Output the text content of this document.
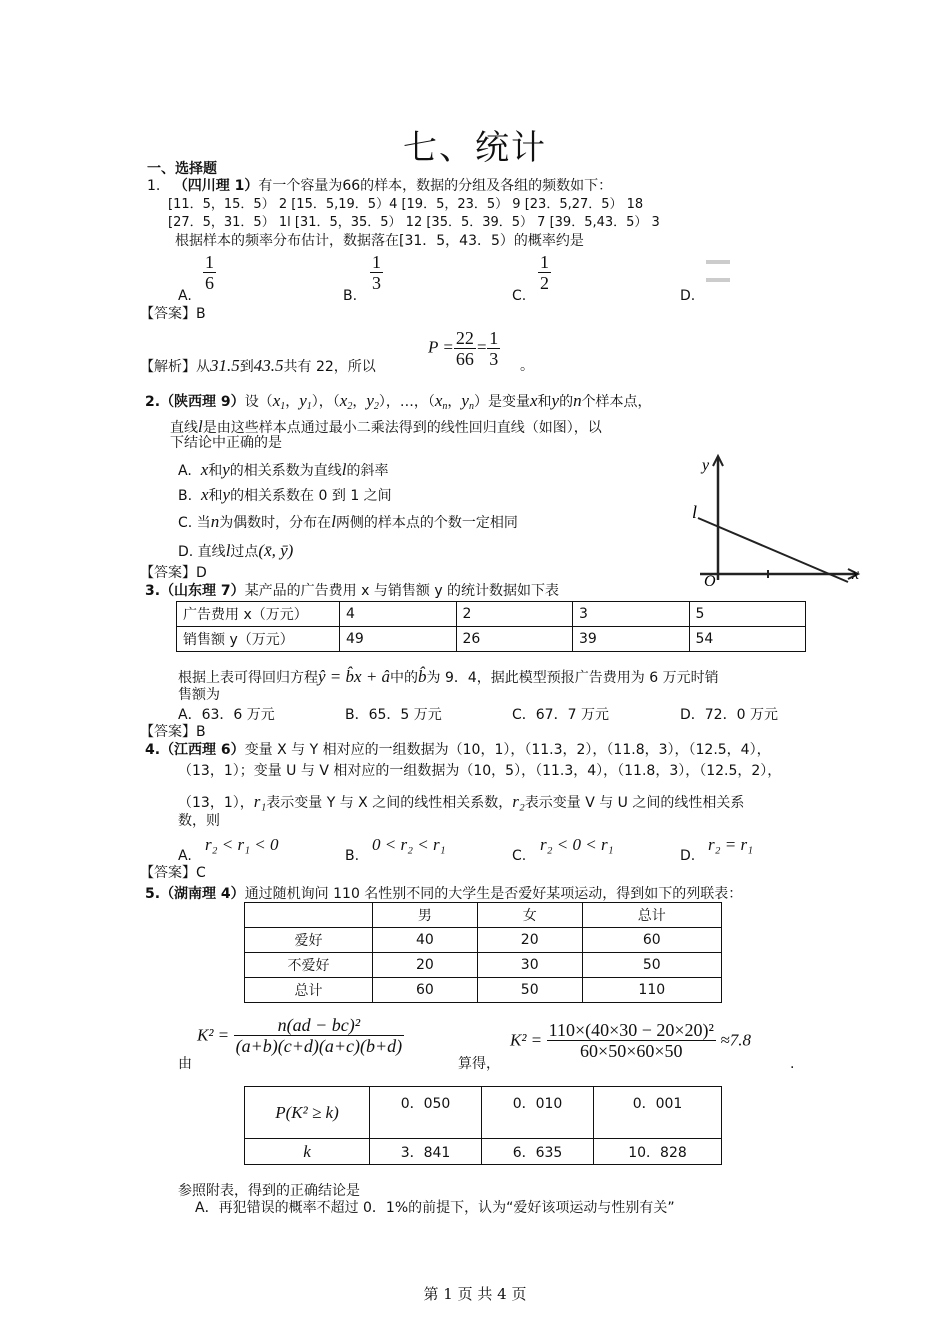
七、统计
一、选择题
1. （四川理 1）有一个容量为66的样本，数据的分组及各组的频数如下：
[11．5，15．5） 2 [15．5,19．5）4 [19．5，23．5） 9 [23．5,27．5） 18
[27．5，31．5） 1l [31．5，35．5） 12 [35．5．39．5） 7 [39．5,43．5） 3
根据样本的频率分布估计，数据落在[31．5，43．5）的概率约是
A.
$\frac{1}{6}$
B.
$\frac{1}{3}$
C.
$\frac{1}{2}$
D.
【答案】B
【解析】从31.5到43.5共有 22，所以
$P = \frac{22}{66} = \frac{1}{3}$ 。
2.（陕西理 9）设（x1，y1），（x2，y2），…，（xn，yn）是变量x和y的n个样本点，
直线l是由这些样本点通过最小二乘法得到的线性回归直线（如图），以
下结论中正确的是
A. x和y的相关系数为直线l的斜率
B. x和y的相关系数在 0 到 1 之间
C. 当n为偶数时，分布在l两侧的样本点的个数一定相同
D. 直线l过点(x̄, ȳ)
【答案】D
y
x
l
O
3.（山东理 7）某产品的广告费用 x 与销售额 y 的统计数据如下表
广告费用 x（万元）	4	2	3	5
销售额 y（万元）	49	26	39	54
根据上表可得回归方程ŷ = b̂x + â中的b̂为 9．4，据此模型预报广告费用为 6 万元时销
售额为
A．63．6 万元	B．65．5 万元	C．67．7 万元	D．72．0 万元
【答案】B
4.（江西理 6）变量 X 与 Y 相对应的一组数据为（10，1），（11.3，2），（11.8，3），（12.5，4），
（13，1）；变量 U 与 V 相对应的一组数据为（10，5），（11.3，4），（11.8，3），（12.5，2），
（13，1），r₁表示变量 Y 与 X 之间的线性相关系数，r₂表示变量 V 与 U 之间的线性相关系
数，则
A.
r₂ < r₁ < 0
B.
0 < r₂ < r₁
C.
r₂ < 0 < r₁
D.
r₂ = r₁
【答案】C
5.（湖南理 4）通过随机询问 110 名性别不同的大学生是否爱好某项运动，得到如下的列联表：
	男	女	总计
爱好	40	20	60
不爱好	20	30	50
总计	60	50	110
由
$K^2 = \frac{\text{n(ad − bc)²}}{(a+b)(c+d)(a+c)(b+d)}$
算得，
$K^2 = \frac{\text{110×(40×30 − 20×20)²}}{60\times 50\times 60\times 50} \approx 7.8$
.
P(K² ≥ k)	0．050	0．010	0．001
k	3．841	6．635	10．828
参照附表，得到的正确结论是
A．再犯错误的概率不超过 0．1%的前提下，认为“爱好该项运动与性别有关”
第 1 页 共 4 页
